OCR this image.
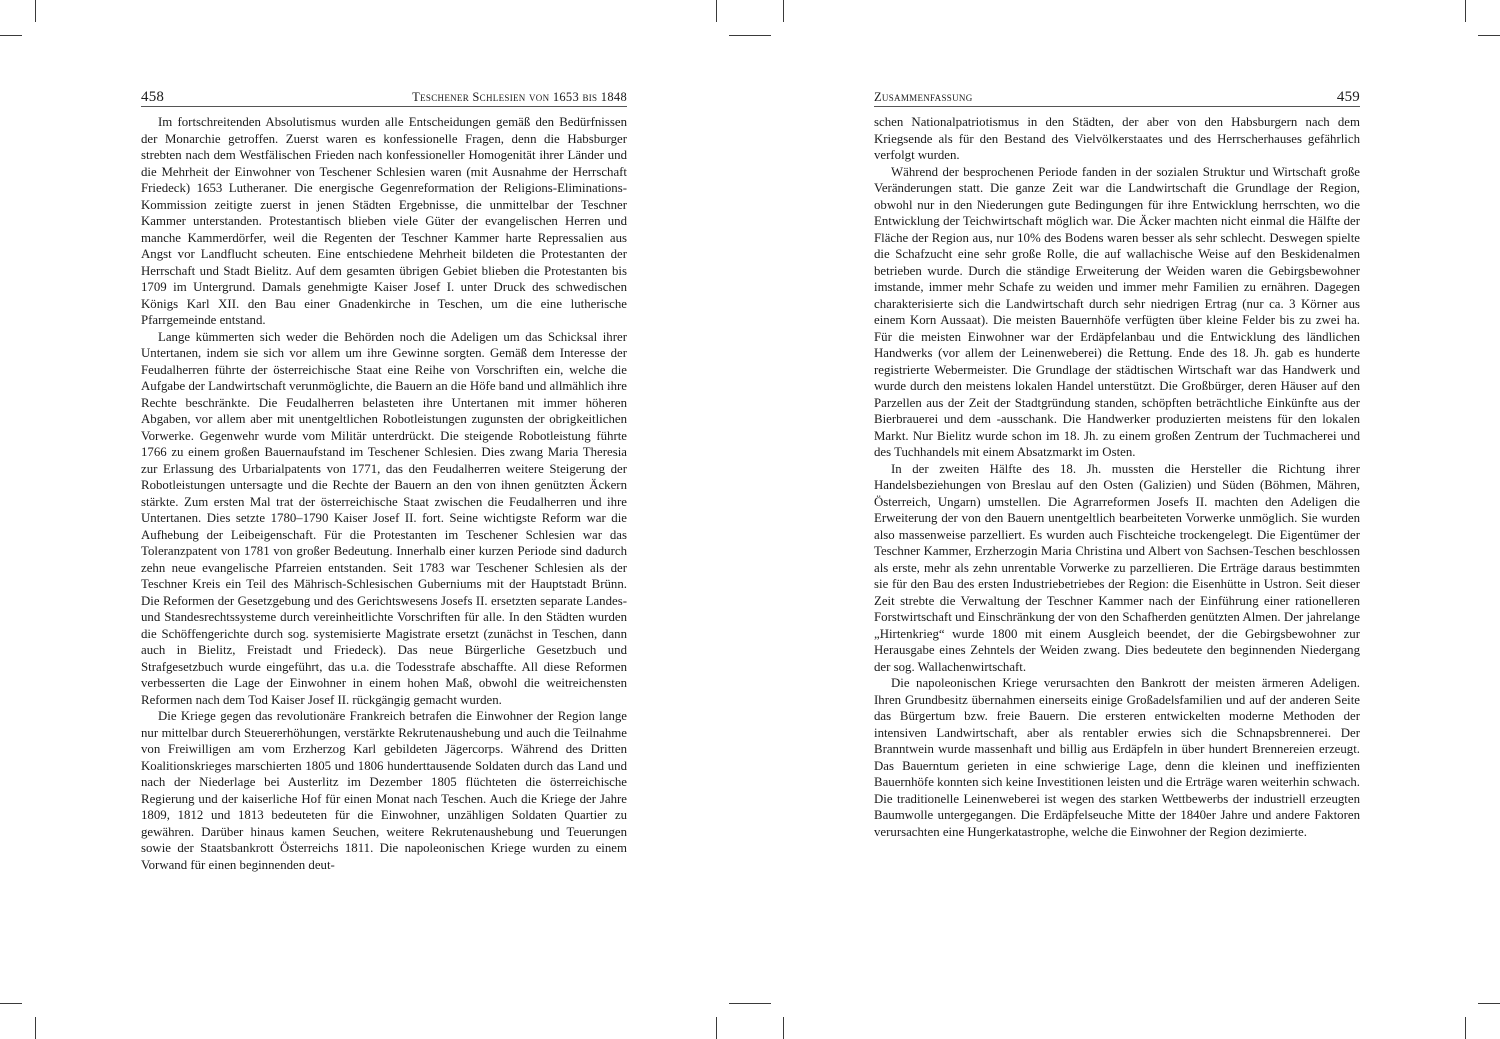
458	Teschener Schlesien von 1653 bis 1848

Im fortschreitenden Absolutismus wurden alle Entscheidungen gemäß den Bedürfnissen der Monarchie getroffen. Zuerst waren es konfessionelle Fragen, denn die Habsburger strebten nach dem Westfälischen Frieden nach konfessioneller Homogenität ihrer Länder und die Mehrheit der Einwohner von Teschener Schlesien waren (mit Ausnahme der Herrschaft Friedeck) 1653 Lutheraner. Die energische Gegenreformation der Religions-Eliminations-Kommission zeitigte zuerst in jenen Städten Ergebnisse, die unmittelbar der Teschner Kammer unterstanden. Protestantisch blieben viele Güter der evangelischen Herren und manche Kammerdörfer, weil die Regenten der Teschner Kammer harte Repressalien aus Angst vor Landflucht scheuten. Eine entschiedene Mehrheit bildeten die Protestanten der Herrschaft und Stadt Bielitz. Auf dem gesamten übrigen Gebiet blieben die Protestanten bis 1709 im Untergrund. Damals genehmigte Kaiser Josef I. unter Druck des schwedischen Königs Karl XII. den Bau einer Gnadenkirche in Teschen, um die eine lutherische Pfarrgemeinde entstand.

Lange kümmerten sich weder die Behörden noch die Adeligen um das Schicksal ihrer Untertanen, indem sie sich vor allem um ihre Gewinne sorgten. Gemäß dem Interesse der Feudalherren führte der österreichische Staat eine Reihe von Vorschriften ein, welche die Aufgabe der Landwirtschaft verunmöglichte, die Bauern an die Höfe band und allmählich ihre Rechte beschränkte. Die Feudalherren belasteten ihre Untertanen mit immer höheren Abgaben, vor allem aber mit unentgeltlichen Robotleistungen zugunsten der obrigkeitlichen Vorwerke. Gegenwehr wurde vom Militär unterdrückt. Die steigende Robotleistung führte 1766 zu einem großen Bauernaufstand im Teschener Schlesien. Dies zwang Maria Theresia zur Erlassung des Urbarialpatents von 1771, das den Feudalherren weitere Steigerung der Robotleistungen untersagte und die Rechte der Bauern an den von ihnen genützten Äckern stärkte. Zum ersten Mal trat der österreichische Staat zwischen die Feudalherren und ihre Untertanen. Dies setzte 1780–1790 Kaiser Josef II. fort. Seine wichtigste Reform war die Aufhebung der Leibeigenschaft. Für die Protestanten im Teschener Schlesien war das Toleranzpatent von 1781 von großer Bedeutung. Innerhalb einer kurzen Periode sind dadurch zehn neue evangelische Pfarreien entstanden. Seit 1783 war Teschener Schlesien als der Teschner Kreis ein Teil des Mährisch-Schlesischen Guberniums mit der Hauptstadt Brünn. Die Reformen der Gesetzgebung und des Gerichtswesens Josefs II. ersetzten separate Landes- und Standesrechtssysteme durch vereinheitlichte Vorschriften für alle. In den Städten wurden die Schöffengerichte durch sog. systemisierte Magistrate ersetzt (zunächst in Teschen, dann auch in Bielitz, Freistadt und Friedeck). Das neue Bürgerliche Gesetzbuch und Strafgesetzbuch wurde eingeführt, das u.a. die Todesstrafe abschaffte. All diese Reformen verbesserten die Lage der Einwohner in einem hohen Maß, obwohl die weitreichensten Reformen nach dem Tod Kaiser Josef II. rückgängig gemacht wurden.

Die Kriege gegen das revolutionäre Frankreich betrafen die Einwohner der Region lange nur mittelbar durch Steuererhöhungen, verstärkte Rekrutenaushebung und auch die Teilnahme von Freiwilligen am vom Erzherzog Karl gebildeten Jägercorps. Während des Dritten Koalitionskrieges marschierten 1805 und 1806 hunderttausende Soldaten durch das Land und nach der Niederlage bei Austerlitz im Dezember 1805 flüchteten die österreichische Regierung und der kaiserliche Hof für einen Monat nach Teschen. Auch die Kriege der Jahre 1809, 1812 und 1813 bedeuteten für die Einwohner, unzähligen Soldaten Quartier zu gewähren. Darüber hinaus kamen Seuchen, weitere Rekrutenaushebung und Teuerungen sowie der Staatsbankrott Österreichs 1811. Die napoleonischen Kriege wurden zu einem Vorwand für einen beginnenden deut-

Zusammenfassung	459

schen Nationalpatriotismus in den Städten, der aber von den Habsburgern nach dem Kriegsende als für den Bestand des Vielvölkerstaates und des Herrscherhauses gefährlich verfolgt wurden.

Während der besprochenen Periode fanden in der sozialen Struktur und Wirtschaft große Veränderungen statt. Die ganze Zeit war die Landwirtschaft die Grundlage der Region, obwohl nur in den Niederungen gute Bedingungen für ihre Entwicklung herrschten, wo die Entwicklung der Teichwirtschaft möglich war. Die Äcker machten nicht einmal die Hälfte der Fläche der Region aus, nur 10% des Bodens waren besser als sehr schlecht. Deswegen spielte die Schafzucht eine sehr große Rolle, die auf wallachische Weise auf den Beskidenalmen betrieben wurde. Durch die ständige Erweiterung der Weiden waren die Gebirgsbewohner imstande, immer mehr Schafe zu weiden und immer mehr Familien zu ernähren. Dagegen charakterisierte sich die Landwirtschaft durch sehr niedrigen Ertrag (nur ca. 3 Körner aus einem Korn Aussaat). Die meisten Bauernhöfe verfügten über kleine Felder bis zu zwei ha. Für die meisten Einwohner war der Erdäpfelanbau und die Entwicklung des ländlichen Handwerks (vor allem der Leinenweberei) die Rettung. Ende des 18. Jh. gab es hunderte registrierte Webermeister. Die Grundlage der städtischen Wirtschaft war das Handwerk und wurde durch den meistens lokalen Handel unterstützt. Die Großbürger, deren Häuser auf den Parzellen aus der Zeit der Stadtgründung standen, schöpften beträchtliche Einkünfte aus der Bierbrauerei und dem -ausschank. Die Handwerker produzierten meistens für den lokalen Markt. Nur Bielitz wurde schon im 18. Jh. zu einem großen Zentrum der Tuchmacherei und des Tuchhandels mit einem Absatzmarkt im Osten.

In der zweiten Hälfte des 18. Jh. mussten die Hersteller die Richtung ihrer Handelsbeziehungen von Breslau auf den Osten (Galizien) und Süden (Böhmen, Mähren, Österreich, Ungarn) umstellen. Die Agrarreformen Josefs II. machten den Adeligen die Erweiterung der von den Bauern unentgeltlich bearbeiteten Vorwerke unmöglich. Sie wurden also massenweise parzelliert. Es wurden auch Fischteiche trockengelegt. Die Eigentümer der Teschner Kammer, Erzherzogin Maria Christina und Albert von Sachsen-Teschen beschlossen als erste, mehr als zehn unrentable Vorwerke zu parzellieren. Die Erträge daraus bestimmten sie für den Bau des ersten Industriebetriebes der Region: die Eisenhütte in Ustron. Seit dieser Zeit strebte die Verwaltung der Teschner Kammer nach der Einführung einer rationelleren Forstwirtschaft und Einschränkung der von den Schafherden genützten Almen. Der jahrelange „Hirtenkrieg“ wurde 1800 mit einem Ausgleich beendet, der die Gebirgsbewohner zur Herausgabe eines Zehntels der Weiden zwang. Dies bedeutete den beginnenden Niedergang der sog. Wallachenwirtschaft.

Die napoleonischen Kriege verursachten den Bankrott der meisten ärmeren Adeligen. Ihren Grundbesitz übernahmen einerseits einige Großadelsfamilien und auf der anderen Seite das Bürgertum bzw. freie Bauern. Die ersteren entwickelten moderne Methoden der intensiven Landwirtschaft, aber als rentabler erwies sich die Schnapsbrennerei. Der Branntwein wurde massenhaft und billig aus Erdäpfeln in über hundert Brennereien erzeugt. Das Bauerntum gerieten in eine schwierige Lage, denn die kleinen und ineffizienten Bauernhöfe konnten sich keine Investitionen leisten und die Erträge waren weiterhin schwach. Die traditionelle Leinenweberei ist wegen des starken Wettbewerbs der industriell erzeugten Baumwolle untergegangen. Die Erdäpfelseuche Mitte der 1840er Jahre und andere Faktoren verursachten eine Hungerkatastrophe, welche die Einwohner der Region dezimierte.
